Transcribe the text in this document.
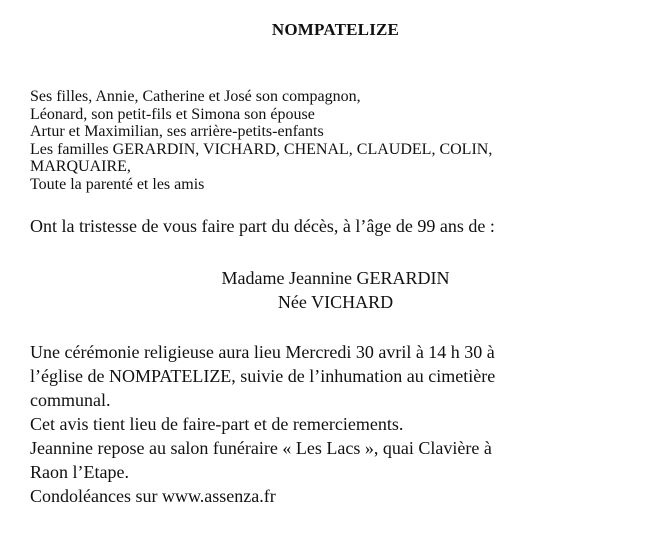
NOMPATELIZE
Ses filles, Annie, Catherine et José son compagnon,
Léonard, son petit-fils et Simona son épouse
Artur et Maximilian, ses arrière-petits-enfants
Les familles GERARDIN, VICHARD, CHENAL, CLAUDEL, COLIN,
MARQUAIRE,
Toute la parenté et les amis
Ont la tristesse de vous faire part du décès, à l’âge de 99 ans de :
Madame Jeannine GERARDIN
Née VICHARD
Une cérémonie religieuse aura lieu Mercredi 30 avril à 14 h 30 à
l’église de NOMPATELIZE, suivie de l’inhumation au cimetière
communal.
Cet avis tient lieu de faire-part et de remerciements.
Jeannine repose au salon funéraire « Les Lacs », quai Clavière à
Raon l’Etape.
Condoléances sur www.assenza.fr
